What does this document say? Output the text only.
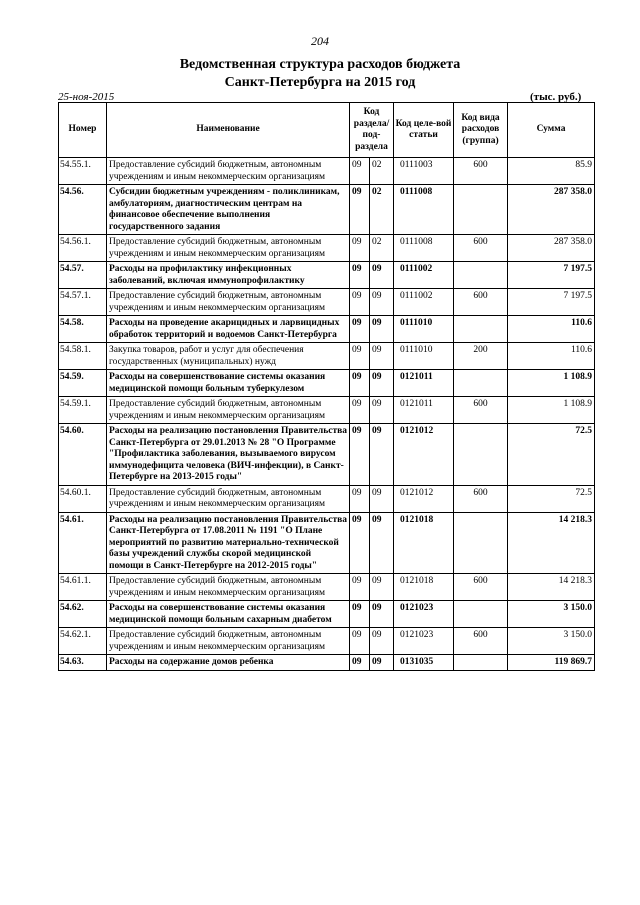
204
Ведомственная структура расходов бюджета
Санкт-Петербурга на 2015 год
25-ноя-2015	(тыс. руб.)
Номер	Наименование	Код раздела/ под-раздела		Код целе-вой статьи	Код вида расходов (группа)	Сумма
54.55.1.	Предоставление субсидий бюджетным, автономным учреждениям и иным некоммерческим организациям	09	02	0111003	600	85.9
54.56.	Субсидии бюджетным учреждениям - поликлиникам, амбулаториям, диагностическим центрам на финансовое обеспечение выполнения государственного задания	09	02	0111008		287 358.0
54.56.1.	Предоставление субсидий бюджетным, автономным учреждениям и иным некоммерческим организациям	09	02	0111008	600	287 358.0
54.57.	Расходы на профилактику инфекционных заболеваний, включая иммунопрофилактику	09	09	0111002		7 197.5
54.57.1.	Предоставление субсидий бюджетным, автономным учреждениям и иным некоммерческим организациям	09	09	0111002	600	7 197.5
54.58.	Расходы на проведение акарицидных и ларвицидных обработок территорий и водоемов Санкт-Петербурга	09	09	0111010		110.6
54.58.1.	Закупка товаров, работ и услуг для обеспечения государственных (муниципальных) нужд	09	09	0111010	200	110.6
54.59.	Расходы на совершенствование системы оказания медицинской помощи больным туберкулезом	09	09	0121011		1 108.9
54.59.1.	Предоставление субсидий бюджетным, автономным учреждениям и иным некоммерческим организациям	09	09	0121011	600	1 108.9
54.60.	Расходы на реализацию постановления Правительства Санкт-Петербурга от 29.01.2013 № 28 "О Программе "Профилактика заболевания, вызываемого вирусом иммунодефицита человека (ВИЧ-инфекции), в Санкт-Петербурге на 2013-2015 годы"	09	09	0121012		72.5
54.60.1.	Предоставление субсидий бюджетным, автономным учреждениям и иным некоммерческим организациям	09	09	0121012	600	72.5
54.61.	Расходы на реализацию постановления Правительства Санкт-Петербурга от 17.08.2011 № 1191 "О Плане мероприятий по развитию материально-технической базы учреждений службы скорой медицинской помощи в Санкт-Петербурге на 2012-2015 годы"	09	09	0121018		14 218.3
54.61.1.	Предоставление субсидий бюджетным, автономным учреждениям и иным некоммерческим организациям	09	09	0121018	600	14 218.3
54.62.	Расходы на совершенствование системы оказания медицинской помощи больным сахарным диабетом	09	09	0121023		3 150.0
54.62.1.	Предоставление субсидий бюджетным, автономным учреждениям и иным некоммерческим организациям	09	09	0121023	600	3 150.0
54.63.	Расходы на содержание домов ребенка	09	09	0131035		119 869.7
